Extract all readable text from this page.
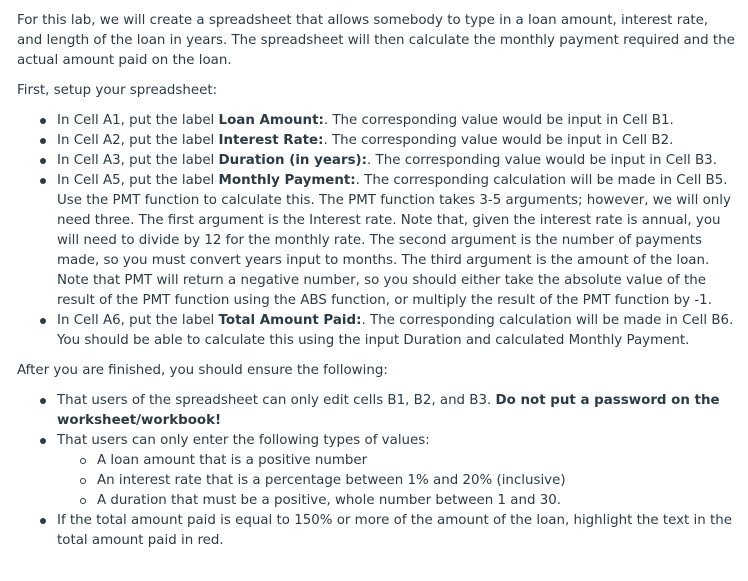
For this lab, we will create a spreadsheet that allows somebody to type in a loan amount, interest rate, and length of the loan in years. The spreadsheet will then calculate the monthly payment required and the actual amount paid on the loan.

First, setup your spreadsheet:

In Cell A1, put the label Loan Amount:. The corresponding value would be input in Cell B1.
In Cell A2, put the label Interest Rate:. The corresponding value would be input in Cell B2.
In Cell A3, put the label Duration (in years):. The corresponding value would be input in Cell B3.
In Cell A5, put the label Monthly Payment:. The corresponding calculation will be made in Cell B5. Use the PMT function to calculate this. The PMT function takes 3-5 arguments; however, we will only need three. The first argument is the Interest rate. Note that, given the interest rate is annual, you will need to divide by 12 for the monthly rate. The second argument is the number of payments made, so you must convert years input to months. The third argument is the amount of the loan. Note that PMT will return a negative number, so you should either take the absolute value of the result of the PMT function using the ABS function, or multiply the result of the PMT function by -1.
In Cell A6, put the label Total Amount Paid:. The corresponding calculation will be made in Cell B6. You should be able to calculate this using the input Duration and calculated Monthly Payment.

After you are finished, you should ensure the following:

That users of the spreadsheet can only edit cells B1, B2, and B3. Do not put a password on the worksheet/workbook!
That users can only enter the following types of values:
A loan amount that is a positive number
An interest rate that is a percentage between 1% and 20% (inclusive)
A duration that must be a positive, whole number between 1 and 30.
If the total amount paid is equal to 150% or more of the amount of the loan, highlight the text in the total amount paid in red.
